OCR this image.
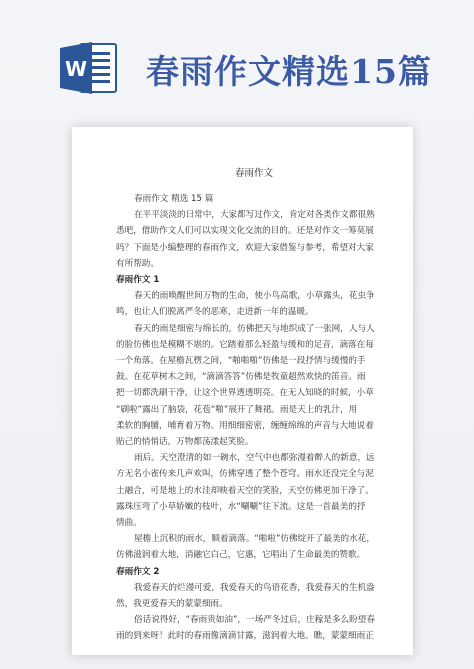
W 春雨作文精选15篇
春雨作文
春雨作文 精选 15 篇
在平平淡淡的日常中，大家都写过作文，肯定对各类作文都很熟
悉吧，借助作文人们可以实现文化交流的目的。还是对作文一筹莫展
吗？下面是小编整理的春雨作文，欢迎大家借鉴与参考，希望对大家
有所帮助。
春雨作文 1
春天的雨唤醒世间万物的生命，使小鸟高歌，小草露头，花虫争
鸣，也让人们脱离严冬的恶寒，走进新一年的温暖。
春天的雨是细密与绵长的，仿佛把天与地织成了一张网，人与人
的脸仿佛也是模糊不堪的。它踏着那么轻盈与缓和的足音，滴落在每
一个角落。在屋檐瓦楞之间，“啪啪啪”仿佛是一段抒情与缓慢的手
鼓。在花草树木之间，“滴滴答答”仿佛是牧童超然欢快的笛音。雨
把一切都洗刷干净，让这个世界透透明亮。在无人知晓的时候，小草
“刷啦”露出了脑袋，花苞“啪”展开了舞裙。雨是天上的乳汁，用
柔软的胸脯，哺育着万物。用细细密密，缠缠绵绵的声音与大地说着
贴己的悄悄话，万物都荡漾起笑脸。
雨后。天空澄清的如一碗水，空气中也都弥漫着醉人的新意，远
方无名小雀传来几声欢叫，仿佛穿透了整个苍穹。雨水还没完全与泥
土融合，可是地上的水洼却映着天空的笑脸，天空仿佛更加干净了。
露珠压弯了小草娇嫩的枝叶，水“唰唰”往下流。这是一首最美的抒
情曲。
屋檐上沉积的雨水，顺着滴落。“啪啦”仿佛绽开了最美的水花，
仿佛滋润着大地，消融它白己，它惠，它唱出了生命最美的赞歌。
春雨作文 2
我爱春天的烂漫可爱，我爱春天的鸟语花香，我爱春天的生机盎
然，我更爱春天的蒙蒙细雨。
俗话说得好，“春雨贵如油”，一场严冬过后，庄稼是多么盼望春
雨的到来呀！此时的春雨像滴滴甘露，滋润着大地。瞧，蒙蒙细雨正
